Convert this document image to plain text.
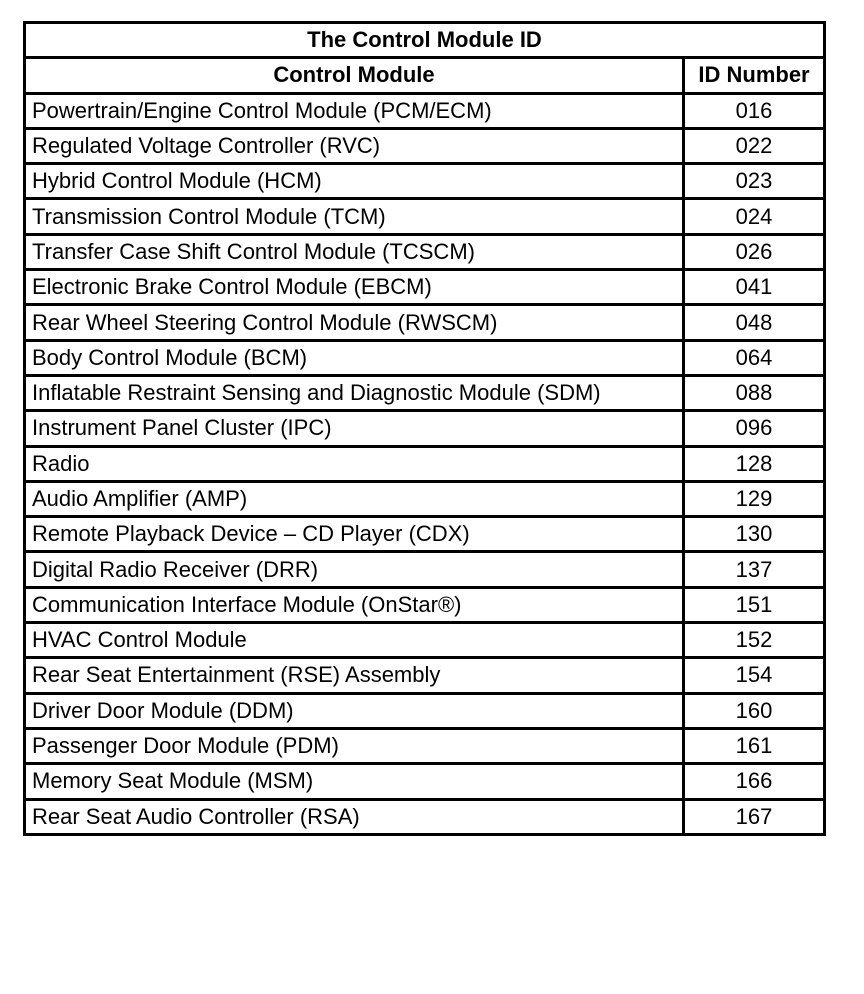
The Control Module ID	
Control Module	ID Number
Powertrain/Engine Control Module (PCM/ECM)	016
Regulated Voltage Controller (RVC)	022
Hybrid Control Module (HCM)	023
Transmission Control Module (TCM)	024
Transfer Case Shift Control Module (TCSCM)	026
Electronic Brake Control Module (EBCM)	041
Rear Wheel Steering Control Module (RWSCM)	048
Body Control Module (BCM)	064
Inflatable Restraint Sensing and Diagnostic Module (SDM)	088
Instrument Panel Cluster (IPC)	096
Radio	128
Audio Amplifier (AMP)	129
Remote Playback Device – CD Player (CDX)	130
Digital Radio Receiver (DRR)	137
Communication Interface Module (OnStar®)	151
HVAC Control Module	152
Rear Seat Entertainment (RSE) Assembly	154
Driver Door Module (DDM)	160
Passenger Door Module (PDM)	161
Memory Seat Module (MSM)	166
Rear Seat Audio Controller (RSA)	167
